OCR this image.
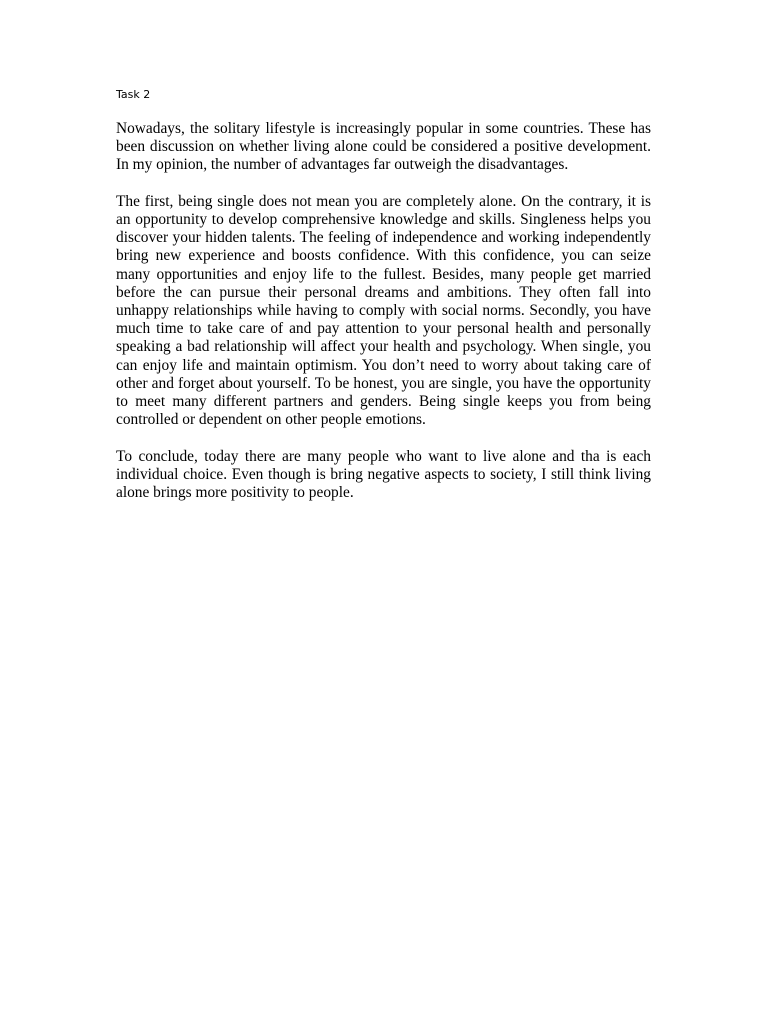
Task 2

Nowadays, the solitary lifestyle is increasingly popular in some countries. These has been discussion on whether living alone could be considered a positive development. In my opinion, the number of advantages far outweigh the disadvantages.

The first, being single does not mean you are completely alone. On the contrary, it is an opportunity to develop comprehensive knowledge and skills. Singleness helps you discover your hidden talents. The feeling of independence and working independently bring new experience and boosts confidence. With this confidence, you can seize many opportunities and enjoy life to the fullest. Besides, many people get married before the can pursue their personal dreams and ambitions. They often fall into unhappy relationships while having to comply with social norms. Secondly, you have much time to take care of and pay attention to your personal health and personally speaking a bad relationship will affect your health and psychology. When single, you can enjoy life and maintain optimism. You don’t need to worry about taking care of other and forget about yourself. To be honest, you are single, you have the opportunity to meet many different partners and genders. Being single keeps you from being controlled or dependent on other people emotions.

To conclude, today there are many people who want to live alone and tha is each individual choice. Even though is bring negative aspects to society, I still think living alone brings more positivity to people.
